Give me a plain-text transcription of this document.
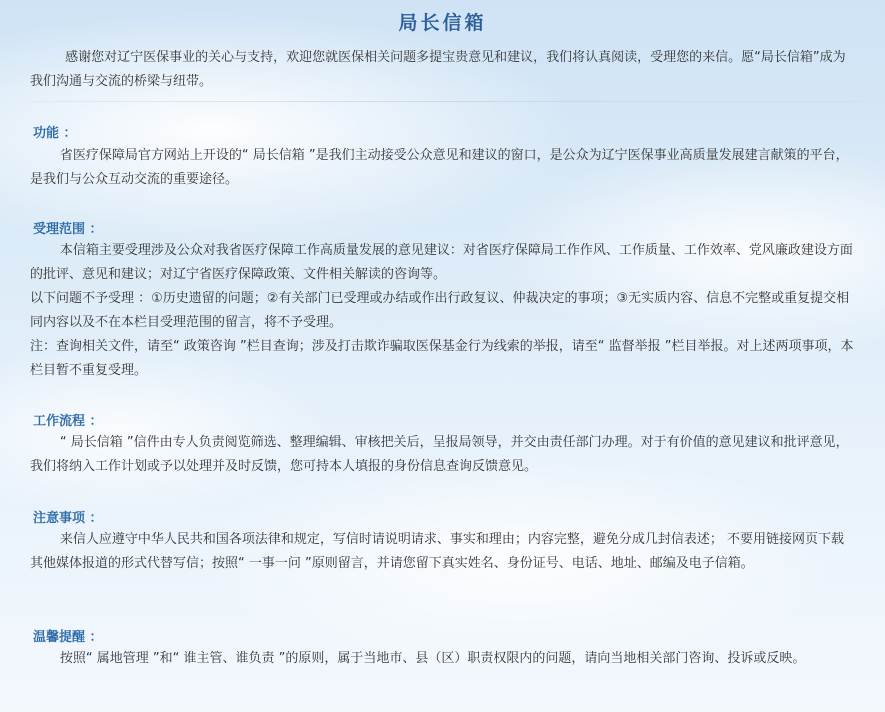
局长信箱

感谢您对辽宁医保事业的关心与支持，欢迎您就医保相关问题多提宝贵意见和建议，我们将认真阅读，受理您的来信。愿“局长信箱”成为我们沟通与交流的桥梁与纽带。

功能 ：

省医疗保障局官方网站上开设的“ 局长信箱 ”是我们主动接受公众意见和建议的窗口，是公众为辽宁医保事业高质量发展建言献策的平台，是我们与公众互动交流的重要途径。

受理范围 ：

本信箱主要受理涉及公众对我省医疗保障工作高质量发展的意见建议：对省医疗保障局工作作风、工作质量、工作效率、党风廉政建设方面的批评、意见和建议；对辽宁省医疗保障政策、文件相关解读的咨询等。

以下问题不予受理 ：①历史遗留的问题；②有关部门已受理或办结或作出行政复议、仲裁决定的事项；③无实质内容、信息不完整或重复提交相同内容以及不在本栏目受理范围的留言，将不予受理。

注：查询相关文件，请至“ 政策咨询 ”栏目查询；涉及打击欺诈骗取医保基金行为线索的举报，请至“ 监督举报 ”栏目举报。对上述两项事项，本栏目暂不重复受理。

工作流程 ：

“ 局长信箱 ”信件由专人负责阅览筛选、整理编辑、审核把关后，呈报局领导，并交由责任部门办理。对于有价值的意见建议和批评意见，我们将纳入工作计划或予以处理并及时反馈，您可持本人填报的身份信息查询反馈意见。

注意事项 ：

来信人应遵守中华人民共和国各项法律和规定，写信时请说明请求、事实和理由；内容完整，避免分成几封信表述； 不要用链接网页下载其他媒体报道的形式代替写信；按照“ 一事一问 ”原则留言，并请您留下真实姓名、身份证号、电话、地址、邮编及电子信箱。

温馨提醒 ：

按照“ 属地管理 ”和“ 谁主管、谁负责 ”的原则，属于当地市、县（区）职责权限内的问题，请向当地相关部门咨询、投诉或反映。
